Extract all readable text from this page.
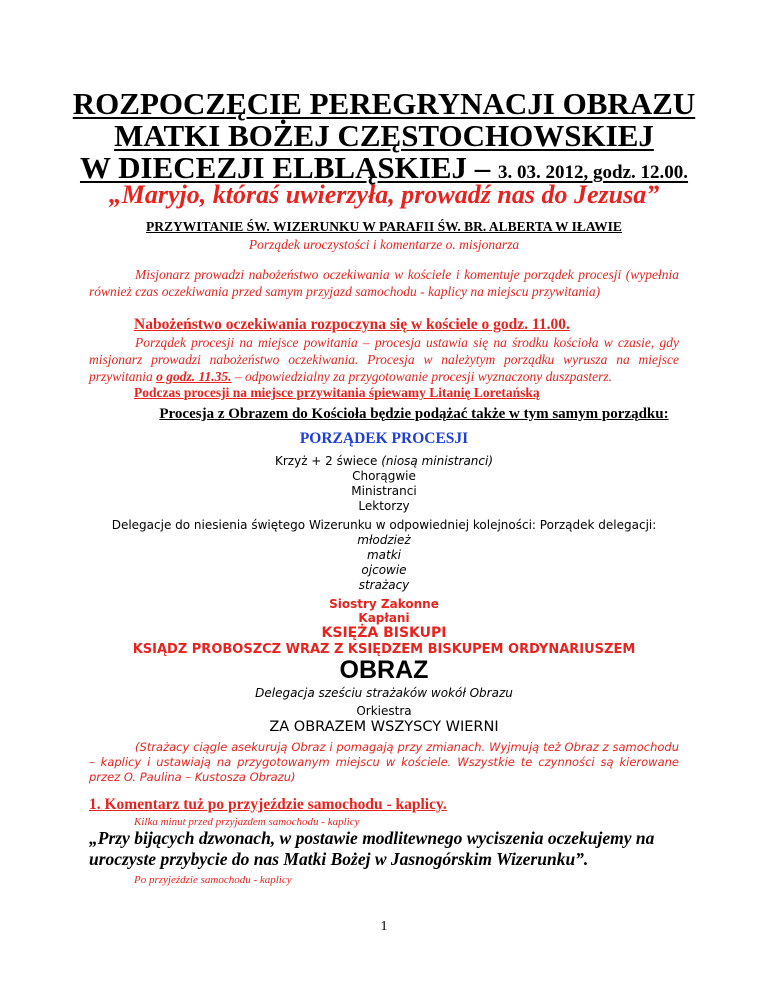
ROZPOCZĘCIE PEREGRYNACJI OBRAZU
MATKI BOŻEJ CZĘSTOCHOWSKIEJ
W DIECEZJI ELBLĄSKIEJ – 3. 03. 2012, godz. 12.00.
„Maryjo, któraś uwierzyła, prowadź nas do Jezusa”
PRZYWITANIE ŚW. WIZERUNKU W PARAFII ŚW. BR. ALBERTA W IŁAWIE
Porządek uroczystości i komentarze o. misjonarza
Misjonarz prowadzi nabożeństwo oczekiwania w kościele i komentuje porządek procesji (wypełnia również czas oczekiwania przed samym przyjazd samochodu - kaplicy na miejscu przywitania)
Nabożeństwo oczekiwania rozpoczyna się w kościele o godz. 11.00.
Porządek procesji na miejsce powitania – procesja ustawia się na środku kościoła w czasie, gdy misjonarz prowadzi nabożeństwo oczekiwania. Procesja w należytym porządku wyrusza na miejsce przywitania o godz. 11.35. – odpowiedzialny za przygotowanie procesji wyznaczony duszpasterz.
Podczas procesji na miejsce przywitania śpiewamy Litanię Loretańską
Procesja z Obrazem do Kościoła będzie podążać także w tym samym porządku:
PORZĄDEK PROCESJI
Krzyż + 2 świece (niosą ministranci)
Chorągwie
Ministranci
Lektorzy
Delegacje do niesienia świętego Wizerunku w odpowiedniej kolejności: Porządek delegacji:
młodzież
matki
ojcowie
strażacy
Siostry Zakonne
Kapłani
KSIĘŻA BISKUPI
KSIĄDZ PROBOSZCZ WRAZ Z KSIĘDZEM BISKUPEM ORDYNARIUSZEM
OBRAZ
Delegacja sześciu strażaków wokół Obrazu
Orkiestra
ZA OBRAZEM WSZYSCY WIERNI
(Strażacy ciągle asekurują Obraz i pomagają przy zmianach. Wyjmują też Obraz z samochodu – kaplicy i ustawiają na przygotowanym miejscu w kościele. Wszystkie te czynności są kierowane przez O. Paulina – Kustosza Obrazu)
1. Komentarz tuż po przyjeździe samochodu - kaplicy.
Kilka minut przed przyjazdem samochodu - kaplicy
„Przy bijących dzwonach, w postawie modlitewnego wyciszenia oczekujemy na uroczyste przybycie do nas Matki Bożej w Jasnogórskim Wizerunku”.
Po przyjeździe samochodu - kaplicy
1
